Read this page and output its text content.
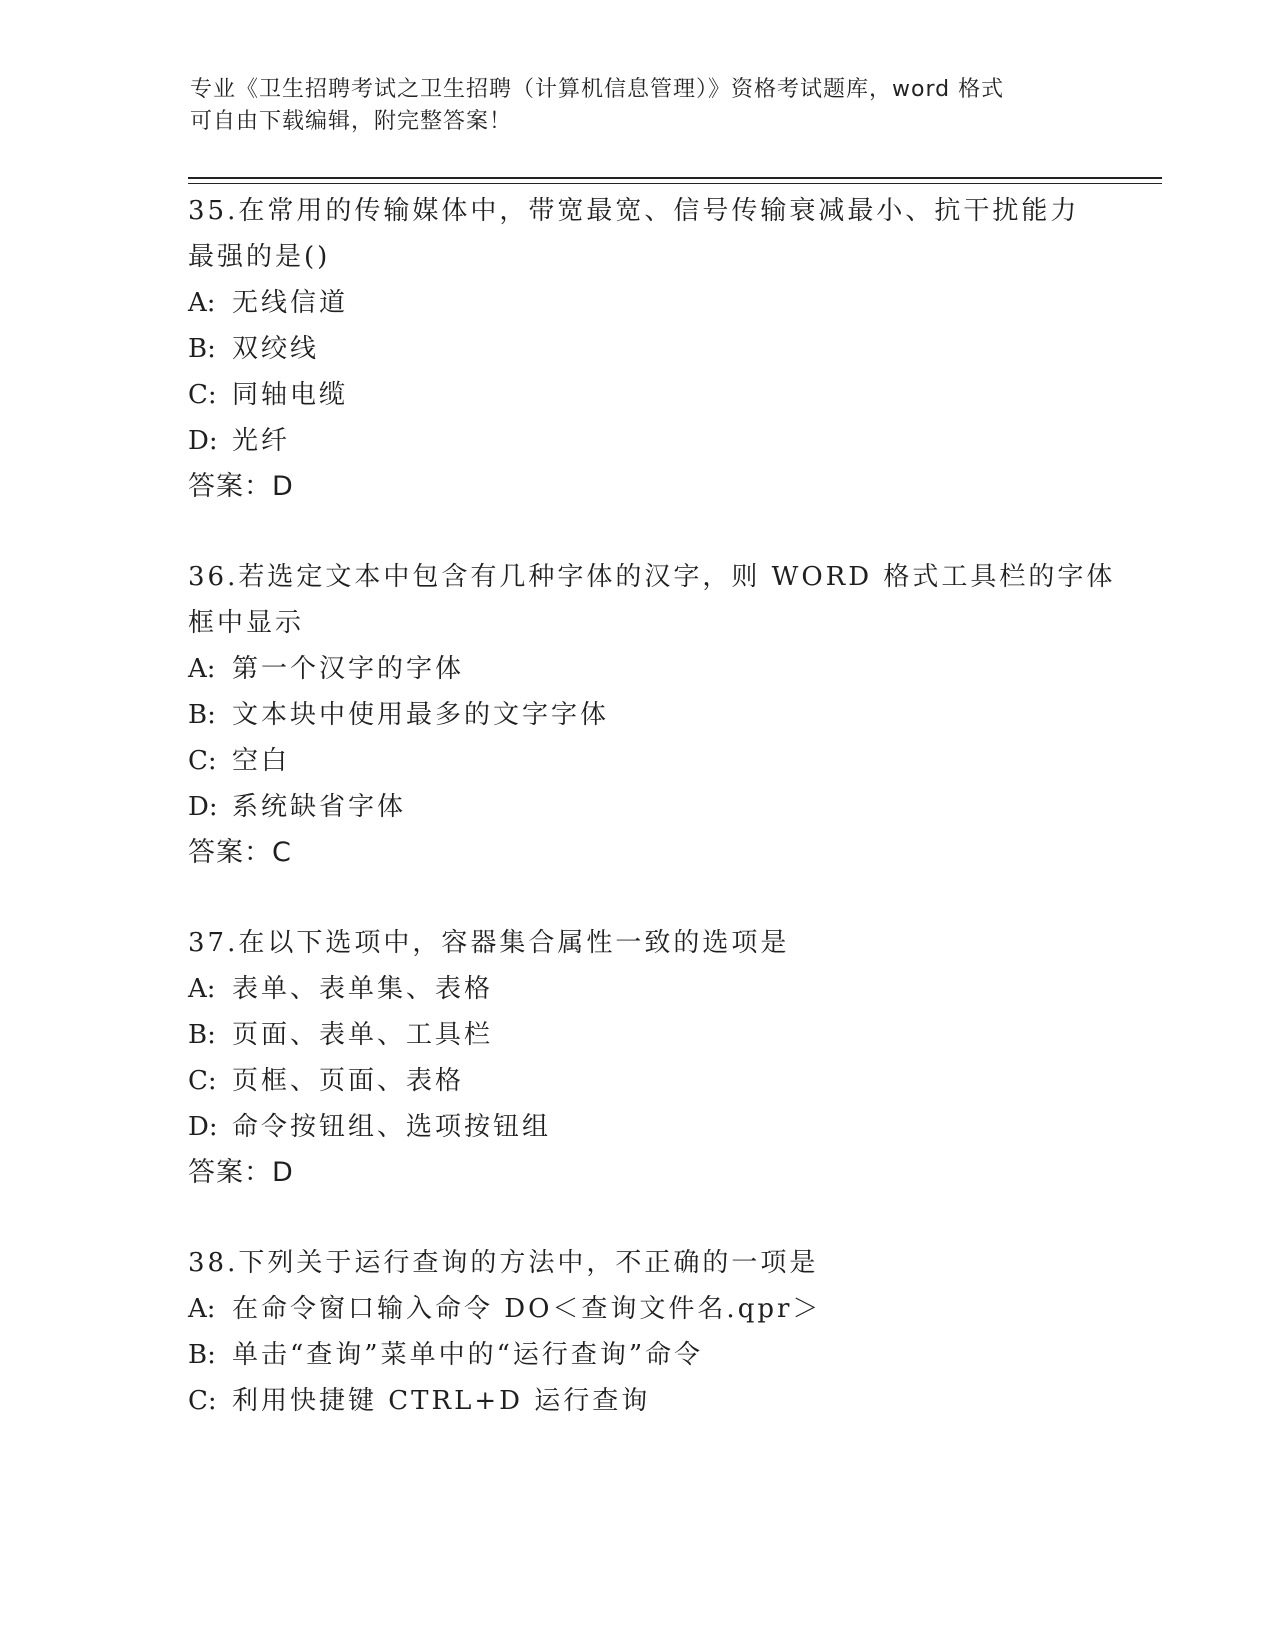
专业《卫生招聘考试之卫生招聘（计算机信息管理）》资格考试题库，word 格式
可自由下载编辑，附完整答案！
35.在常用的传输媒体中，带宽最宽、信号传输衰减最小、抗干扰能力
最强的是()
A: 无线信道
B: 双绞线
C: 同轴电缆
D: 光纤
答案：D
36.若选定文本中包含有几种字体的汉字，则 WORD 格式工具栏的字体
框中显示
A: 第一个汉字的字体
B: 文本块中使用最多的文字字体
C: 空白
D: 系统缺省字体
答案：C
37.在以下选项中，容器集合属性一致的选项是
A: 表单、表单集、表格
B: 页面、表单、工具栏
C: 页框、页面、表格
D: 命令按钮组、选项按钮组
答案：D
38.下列关于运行查询的方法中，不正确的一项是
A: 在命令窗口输入命令 DO＜查询文件名.qpr＞
B: 单击“查询”菜单中的“运行查询”命令
C: 利用快捷键 CTRL+D 运行查询
